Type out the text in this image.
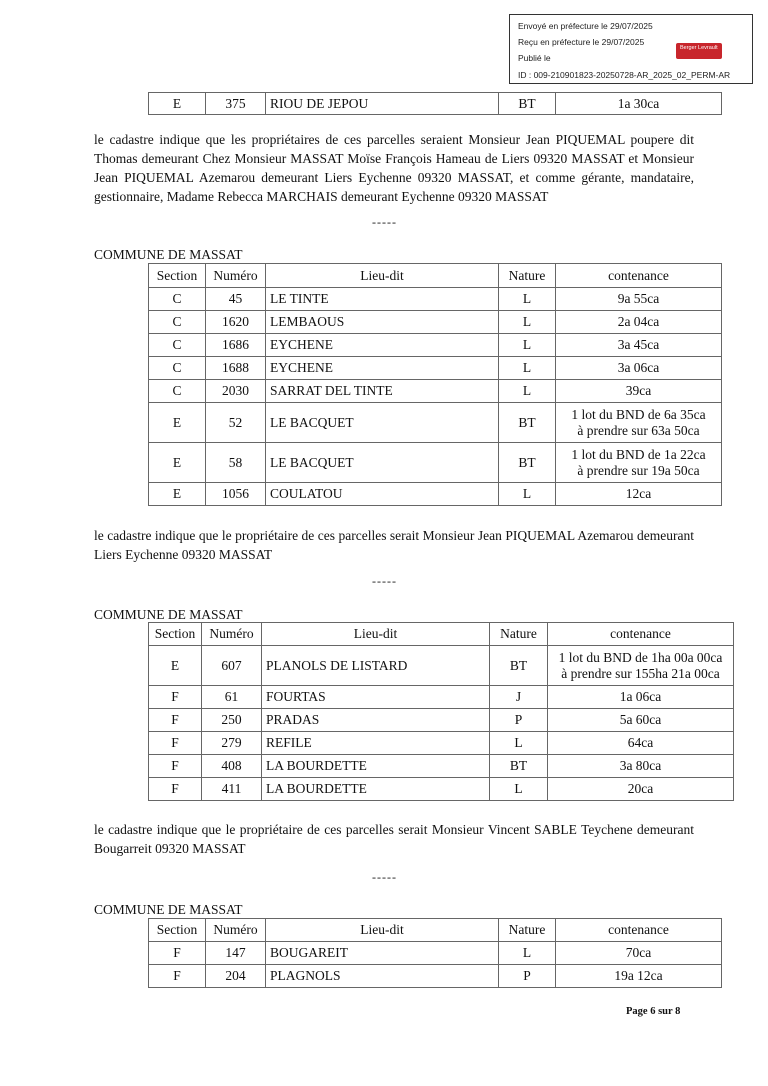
Envoyé en préfecture le 29/07/2025
Reçu en préfecture le 29/07/2025
Publié le
ID : 009-210901823-20250728-AR_2025_02_PERM-AR
Berger Levrault
E	375	RIOU DE JEPOU	BT	1a 30ca
le cadastre indique que les propriétaires de ces parcelles seraient Monsieur Jean PIQUEMAL poupere dit Thomas demeurant Chez Monsieur MASSAT Moïse François Hameau de Liers 09320 MASSAT et Monsieur Jean PIQUEMAL Azemarou demeurant Liers Eychenne 09320 MASSAT, et comme gérante, mandataire, gestionnaire, Madame Rebecca MARCHAIS demeurant Eychenne 09320 MASSAT
-----
COMMUNE DE MASSAT
Section	Numéro	Lieu-dit	Nature	contenance
C	45	LE TINTE	L	9a 55ca
C	1620	LEMBAOUS	L	2a 04ca
C	1686	EYCHENE	L	3a 45ca
C	1688	EYCHENE	L	3a 06ca
C	2030	SARRAT DEL TINTE	L	39ca
E	52	LE BACQUET	BT	1 lot du BND de 6a 35ca
à prendre sur 63a 50ca

E	58	LE BACQUET	BT	1 lot du BND de 1a 22ca
à prendre sur 19a 50ca

E	1056	COULATOU	L	12ca
le cadastre indique que le propriétaire de ces parcelles serait Monsieur Jean PIQUEMAL Azemarou demeurant Liers Eychenne 09320 MASSAT
-----
COMMUNE DE MASSAT
Section	Numéro	Lieu-dit	Nature	contenance
E	607	PLANOLS DE LISTARD	BT	1 lot du BND de 1ha 00a 00ca
à prendre sur 155ha 21a 00ca

F	61	FOURTAS	J	1a 06ca
F	250	PRADAS	P	5a 60ca
F	279	REFILE	L	64ca
F	408	LA BOURDETTE	BT	3a 80ca
F	411	LA BOURDETTE	L	20ca
le cadastre indique que le propriétaire de ces parcelles serait Monsieur Vincent SABLE Teychene demeurant Bougarreit 09320 MASSAT
-----
COMMUNE DE MASSAT
Section	Numéro	Lieu-dit	Nature	contenance
F	147	BOUGAREIT	L	70ca
F	204	PLAGNOLS	P	19a 12ca
Page 6 sur 8
